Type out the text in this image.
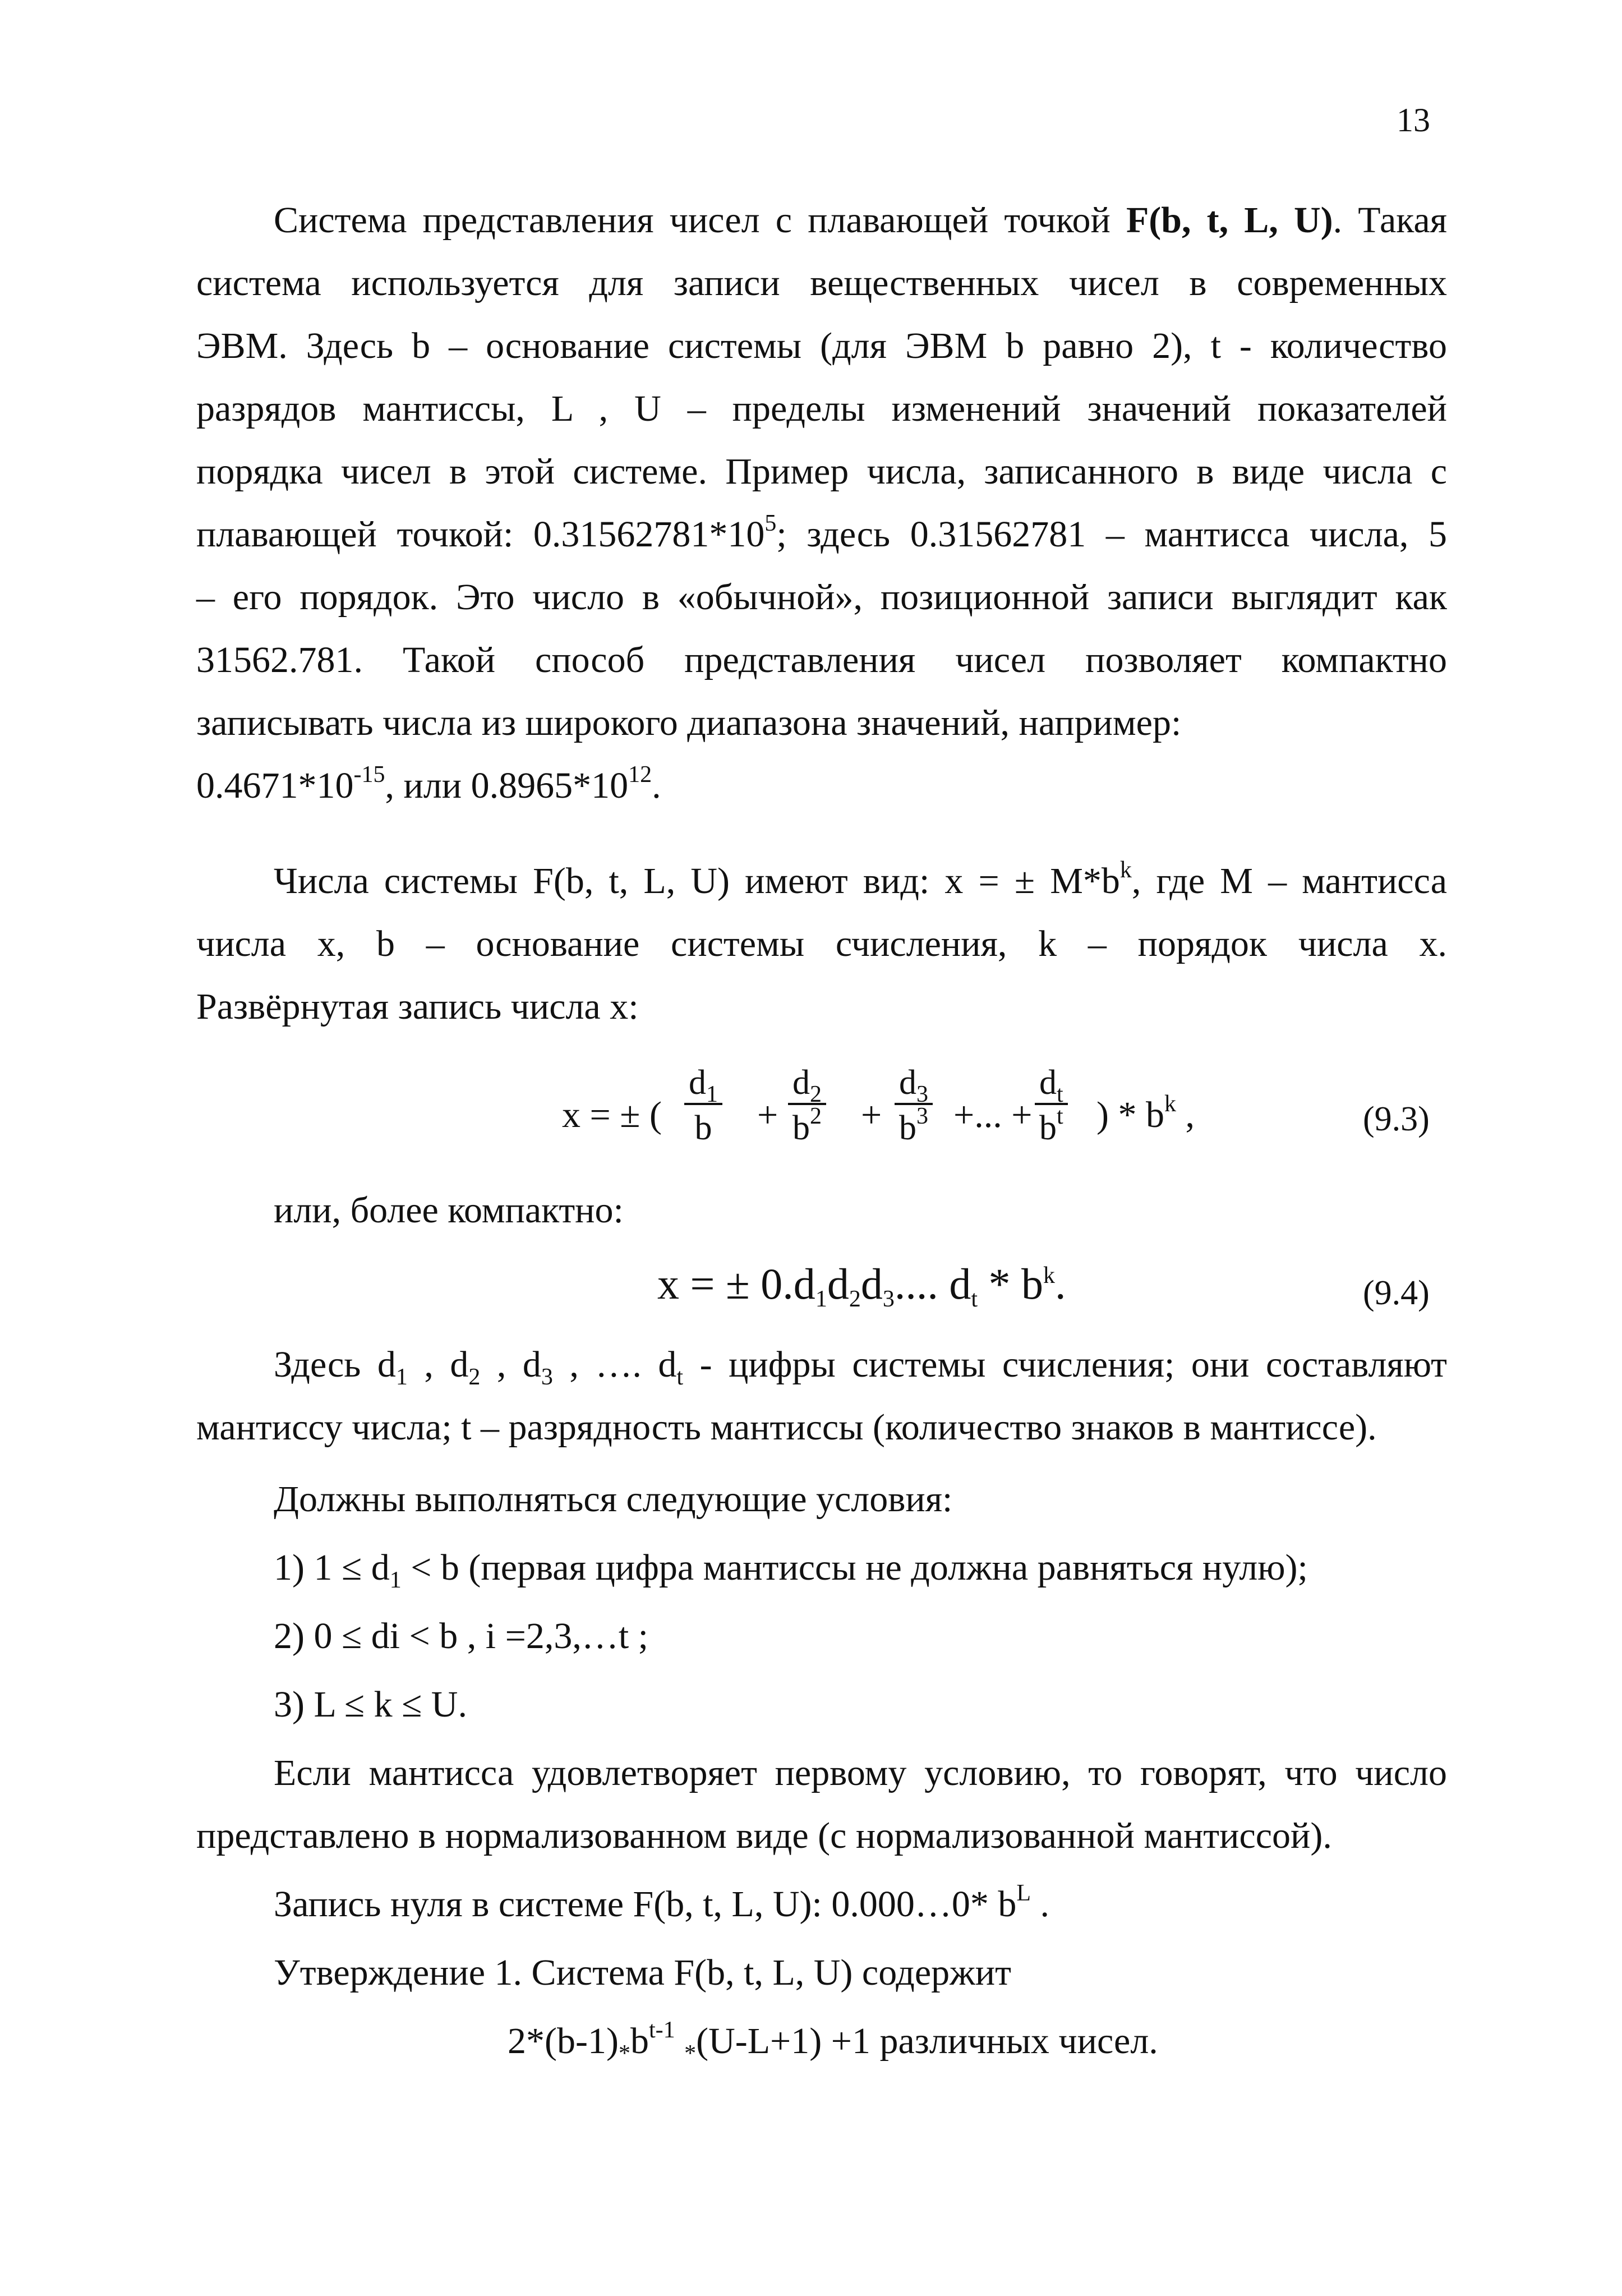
13
Система представления чисел с плавающей точкой F(b, t, L, U). Такая
система используется для записи вещественных чисел в современных
ЭВМ. Здесь b – основание системы (для ЭВМ b равно 2), t - количество
разрядов мантиссы, L , U – пределы изменений значений показателей
порядка чисел в этой системе. Пример числа, записанного в виде числа с
плавающей точкой: $0.31562781*10^5$; здесь 0.31562781 – мантисса числа, 5
– его порядок. Это число в «обычной», позиционной записи выглядит как
31562.781. Такой способ представления чисел позволяет компактно
записывать числа из широкого диапазона значений, например:
$0.4671*10^{-15}$, или $0.8965*10^{12}$.
Числа системы F(b, t, L, U) имеют вид: x = ± $M*b^k$, где M – мантисса
числа x, b – основание системы счисления, k – порядок числа x.
Развёрнутая запись числа x:
x = ± ( $\frac{d_1}{b} + \frac{d_2}{b^2} + \frac{d_3}{b^3}$ +... + $\frac{d_t}{b^t}$ ) * $b^k$ ,	(9.3)
или, более компактно:
x = ± $0.d_1d_2d_3$.... $d_t * b^k$.	(9.4)
Здесь $d_1$ , $d_2$ , $d_3$ , …. $d_t$ - цифры системы счисления; они составляют
мантиссу числа; t – разрядность мантиссы (количество знаков в мантиссе).
Должны выполняться следующие условия:
1) $1 \le d_1 < b$ (первая цифра мантиссы не должна равняться нулю);
2) 0 ≤ di < b , i =2,3,…t ;
3) L ≤ k ≤ U.
Если мантисса удовлетворяет первому условию, то говорят, что число
представлено в нормализованном виде (с нормализованной мантиссой).
Запись нуля в системе F(b, t, L, U): 0.000…0* $b^L$ .
Утверждение 1. Система F(b, t, L, U) содержит
$2*(b-1)_*b^{t-1}$ $_*$(U-L+1) +1 различных чисел.
